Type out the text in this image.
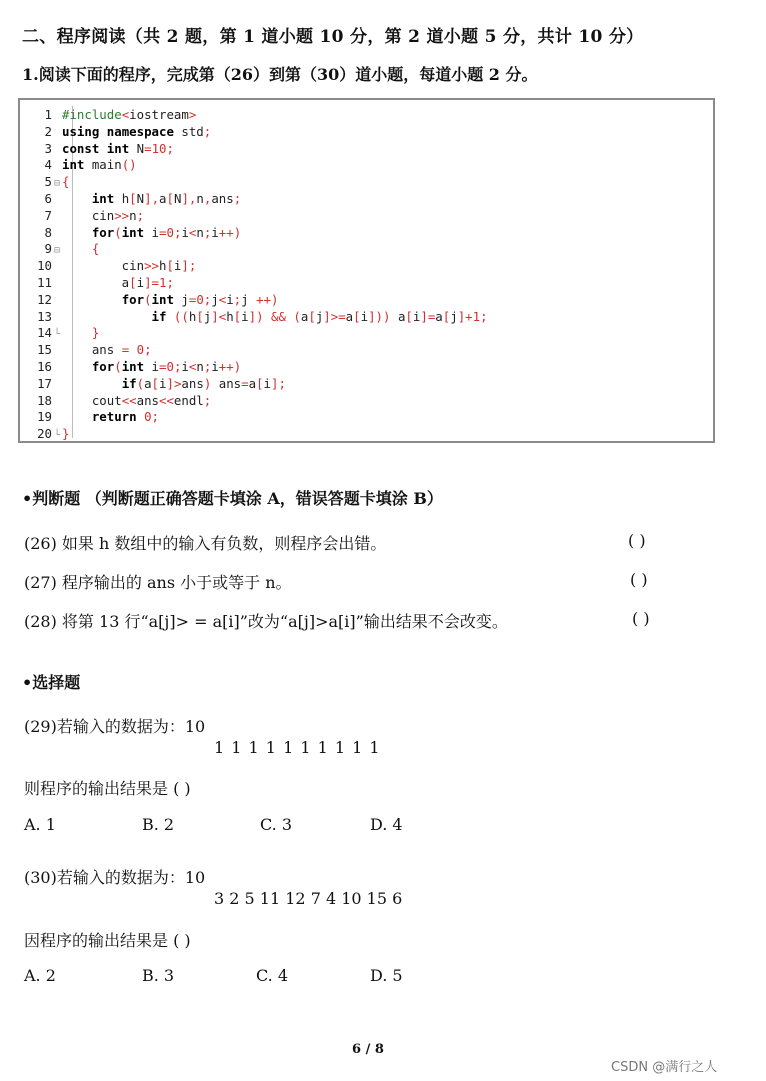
二、程序阅读（共 2 题，第 1 道小题 10 分，第 2 道小题 5 分，共计 10 分）
1.阅读下面的程序，完成第（26）到第（30）道小题，每道小题 2 分。
1 #include<iostream>
2 using namespace std;
3 const int N=10;
4 int main()
5 ⊟ {
6	int h[N],a[N],n,ans;
7     cin>>n;
8	for(int i=0;i<n;i++)
9 ⊟	{
10         cin>>h[i];
11         a[i]=1;
12	for(int j=0;j<i;j ++)
13	if ((h[j]<h[i]) && (a[j]>=a[i])) a[i]=a[j]+1;
14 └	}
15     ans = 0;
16	for(int i=0;i<n;i++)
17	if(a[i]>ans) ans=a[i];
18     cout<<ans<<endl;
19	return 0;
20 └ }
•判断题 （判断题正确答题卡填涂 A，错误答题卡填涂 B）
(26) 如果 h 数组中的输入有负数，则程序会出错。	( )
(27) 程序输出的 ans 小于或等于 n。	( )
(28) 将第 13 行“a[j]> = a[i]”改为“a[j]>a[i]”输出结果不会改变。	( )
•选择题
(29)若输入的数据为：10
1 1 1 1 1 1 1 1 1 1
则程序的输出结果是 ( )
A. 1	B. 2	C. 3	D. 4
(30)若输入的数据为：10
3 2 5 11 12 7 4 10 15 6
因程序的输出结果是 ( )
A. 2	B. 3	C. 4	D. 5
6 / 8
CSDN @满行之人
